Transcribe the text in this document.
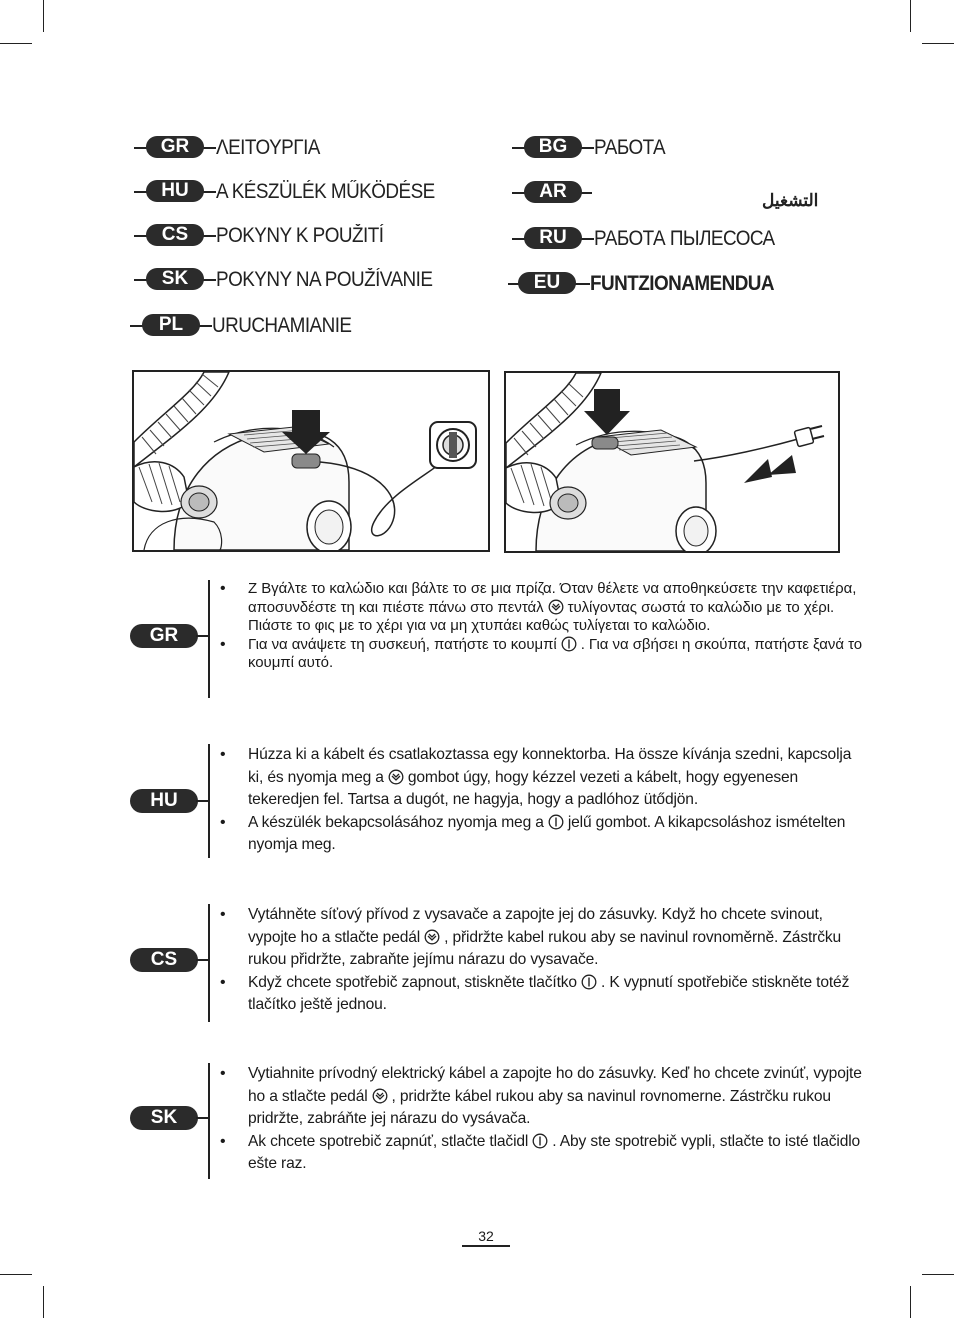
GR	ΛΕΙΤΟΥΡΓΙΑ
HU	A KÉSZÜLÉK MŰKÖDÉSE
CS	POKYNY K POUŽITÍ
SK	POKYNY NA POUŽÍVANIE
PL	URUCHAMIANIE
BG	РАБОТА
AR	التشغيل
RU	РАБОТА ПЫЛЕСОСА
EU	FUNTZIONAMENDUA
GR
• Ζ Βγάλτε το καλώδιο και βάλτε το σε μια πρίζα. Όταν θέλετε να αποθηκεύσετε την καφετιέρα, αποσυνδέστε τη και πιέστε πάνω στο πεντάλ τυλίγοντας σωστά το καλώδιο με το χέρι. Πιάστε το φις με το χέρι για να μη χτυπάει καθώς τυλίγεται το καλώδιο.
• Για να ανάψετε τη συσκευή, πατήστε το κουμπί . Για να σβήσει η σκούπα, πατήστε ξανά το κουμπί αυτό.
HU
• Húzza ki a kábelt és csatlakoztassa egy konnektorba. Ha össze kívánja szedni, kapcsolja ki, és nyomja meg a gombot úgy, hogy kézzel vezeti a kábelt, hogy egyenesen tekeredjen fel. Tartsa a dugót, ne hagyja, hogy a padlóhoz ütődjön.
• A készülék bekapcsolásához nyomja meg a jelű gombot. A kikapcsoláshoz ismételten nyomja meg.
CS
• Vytáhněte síťový přívod z vysavače a zapojte jej do zásuvky. Když ho chcete svinout, vypojte ho a stlačte pedál , přidržte kabel rukou aby se navinul rovnoměrně. Zástrčku rukou přidržte, zabraňte jejímu nárazu do vysavače.
• Když chcete spotřebič zapnout, stiskněte tlačítko . K vypnutí spotřebiče stiskněte totéž tlačítko ještě jednou.
SK
• Vytiahnite prívodný elektrický kábel a zapojte ho do zásuvky. Keď ho chcete zvinúť, vypojte ho a stlačte pedál , pridržte kábel rukou aby sa navinul rovnomerne. Zástrčku rukou pridržte, zabráňte jej nárazu do vysávača.
• Ak chcete spotrebič zapnúť, stlačte tlačidl . Aby ste spotrebič vypli, stlačte to isté tlačidlo ešte raz.
32
